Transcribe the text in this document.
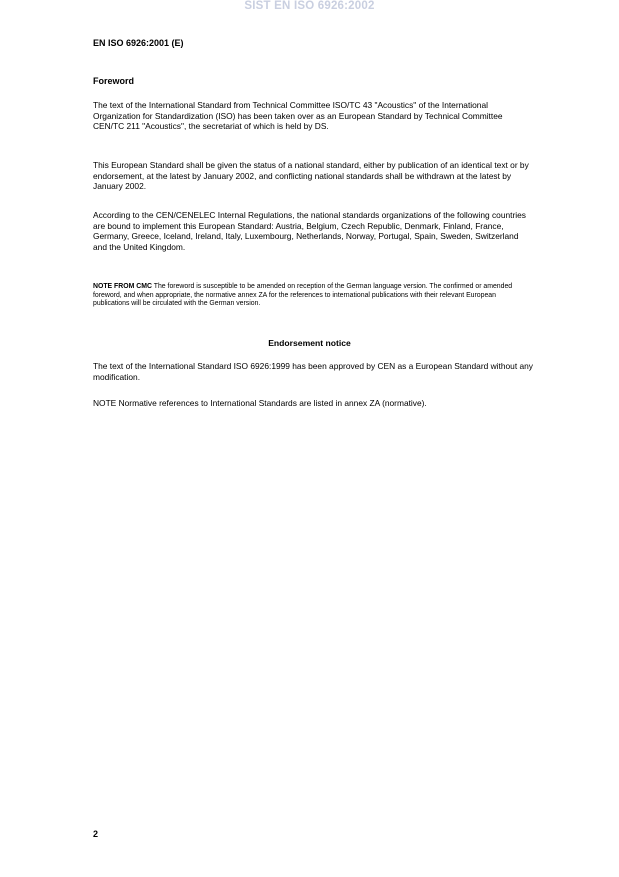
SIST EN ISO 6926:2002
EN ISO 6926:2001 (E)
Foreword
The text of the International Standard from Technical Committee ISO/TC 43 "Acoustics" of the International Organization for Standardization (ISO) has been taken over as an European Standard by Technical Committee CEN/TC 211 "Acoustics", the secretariat of which is held by DS.
This European Standard shall be given the status of a national standard, either by publication of an identical text or by endorsement, at the latest by January 2002, and conflicting national standards shall be withdrawn at the latest by January 2002.
According to the CEN/CENELEC Internal Regulations, the national standards organizations of the following countries are bound to implement this European Standard: Austria, Belgium, Czech Republic, Denmark, Finland, France, Germany, Greece, Iceland, Ireland, Italy, Luxembourg, Netherlands, Norway, Portugal, Spain, Sweden, Switzerland and the United Kingdom.
NOTE FROM CMC The foreword is susceptible to be amended on reception of the German language version. The confirmed or amended foreword, and when appropriate, the normative annex ZA for the references to international publications with their relevant European publications will be circulated with the German version.
Endorsement notice
The text of the International Standard ISO 6926:1999 has been approved by CEN as a European Standard without any modification.
NOTE Normative references to International Standards are listed in annex ZA (normative).
2
